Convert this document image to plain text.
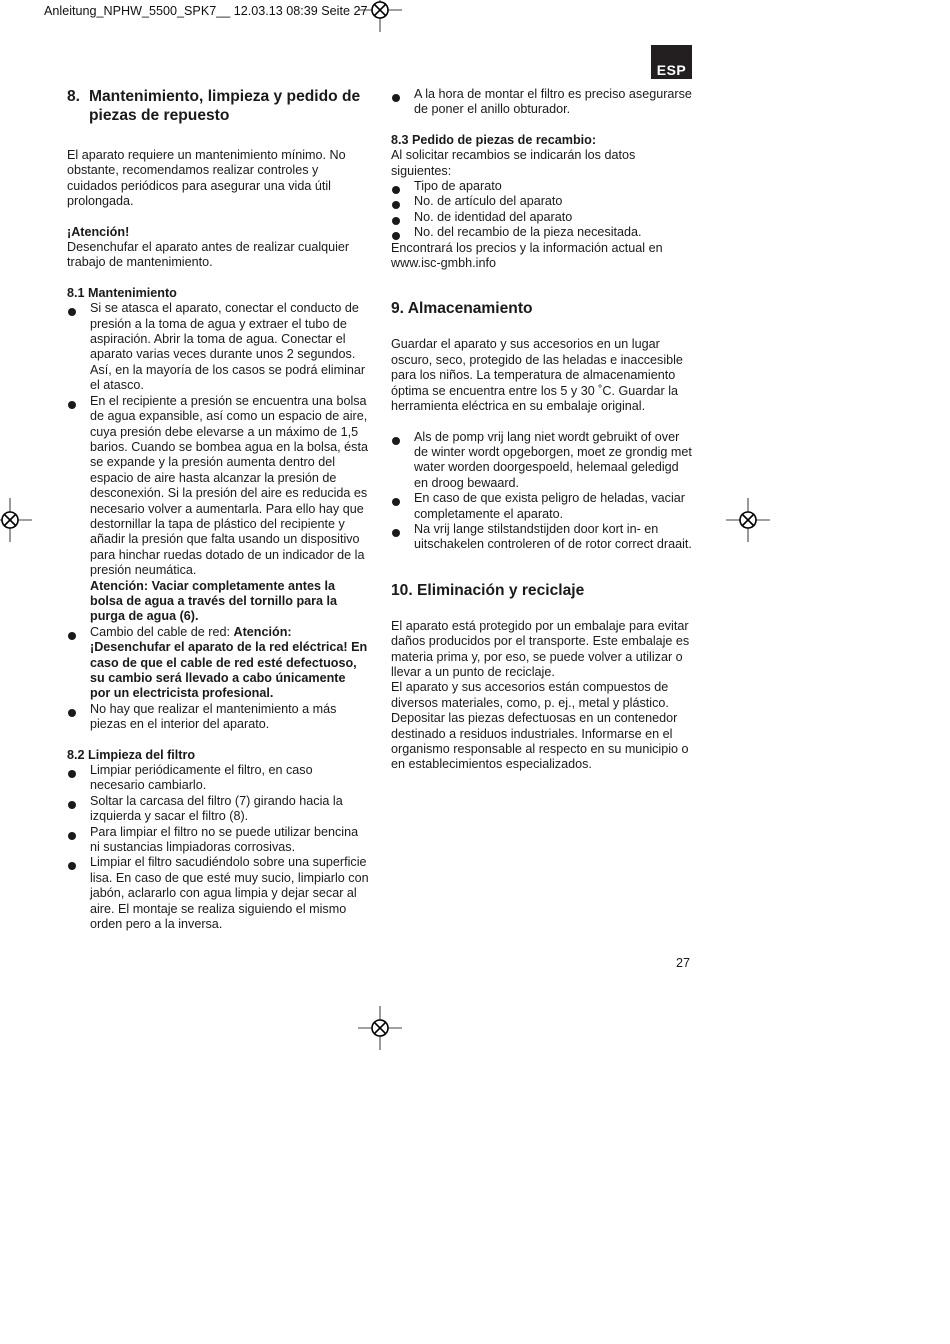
Anleitung_NPHW_5500_SPK7__ 12.03.13 08:39 Seite 27
ESP
8. Mantenimiento, limpieza y pedido de piezas de repuesto

El aparato requiere un mantenimiento mínimo. No obstante, recomendamos realizar controles y cuidados periódicos para asegurar una vida útil prolongada.

¡Atención!

Desenchufar el aparato antes de realizar cualquier trabajo de mantenimiento.

8.1 Mantenimiento

Si se atasca el aparato, conectar el conducto de presión a la toma de agua y extraer el tubo de aspiración. Abrir la toma de agua. Conectar el aparato varias veces durante unos 2 segundos. Así, en la mayoría de los casos se podrá eliminar el atasco.
En el recipiente a presión se encuentra una bolsa de agua expansible, así como un espacio de aire, cuya presión debe elevarse a un máximo de 1,5 barios. Cuando se bombea agua en la bolsa, ésta se expande y la presión aumenta dentro del espacio de aire hasta alcanzar la presión de desconexión. Si la presión del aire es reducida es necesario volver a aumentarla. Para ello hay que destornillar la tapa de plástico del recipiente y añadir la presión que falta usando un dispositivo para hinchar ruedas dotado de un indicador de la presión neumática.
Atención: Vaciar completamente antes la bolsa de agua a través del tornillo para la purga de agua (6).
Cambio del cable de red: Atención: ¡Desenchufar el aparato de la red eléctrica! En caso de que el cable de red esté defectuoso, su cambio será llevado a cabo únicamente por un electricista profesional.
No hay que realizar el mantenimiento a más piezas en el interior del aparato.

8.2 Limpieza del filtro

Limpiar periódicamente el filtro, en caso necesario cambiarlo.
Soltar la carcasa del filtro (7) girando hacia la izquierda y sacar el filtro (8).
Para limpiar el filtro no se puede utilizar bencina ni sustancias limpiadoras corrosivas.
Limpiar el filtro sacudiéndolo sobre una superficie lisa. En caso de que esté muy sucio, limpiarlo con jabón, aclararlo con agua limpia y dejar secar al aire. El montaje se realiza siguiendo el mismo orden pero a la inversa.
A la hora de montar el filtro es preciso asegurarse de poner el anillo obturador.

8.3 Pedido de piezas de recambio:

Al solicitar recambios se indicarán los datos siguientes:

Tipo de aparato
No. de artículo del aparato
No. de identidad del aparato
No. del recambio de la pieza necesitada.

Encontrará los precios y la información actual en www.isc-gmbh.info

9. Almacenamiento

Guardar el aparato y sus accesorios en un lugar oscuro, seco, protegido de las heladas e inaccesible para los niños. La temperatura de almacenamiento óptima se encuentra entre los 5 y 30 ˚C. Guardar la herramienta eléctrica en su embalaje original.

Als de pomp vrij lang niet wordt gebruikt of over de winter wordt opgeborgen, moet ze grondig met water worden doorgespoeld, helemaal geledigd en droog bewaard.
En caso de que exista peligro de heladas, vaciar completamente el aparato.
Na vrij lange stilstandstijden door kort in- en uitschakelen controleren of de rotor correct draait.
10. Eliminación y reciclaje

El aparato está protegido por un embalaje para evitar daños producidos por el transporte. Este embalaje es materia prima y, por eso, se puede volver a utilizar o llevar a un punto de reciclaje.

El aparato y sus accesorios están compuestos de diversos materiales, como, p. ej., metal y plástico. Depositar las piezas defectuosas en un contenedor destinado a residuos industriales. Informarse en el organismo responsable al respecto en su municipio o en establecimientos especializados.

27
